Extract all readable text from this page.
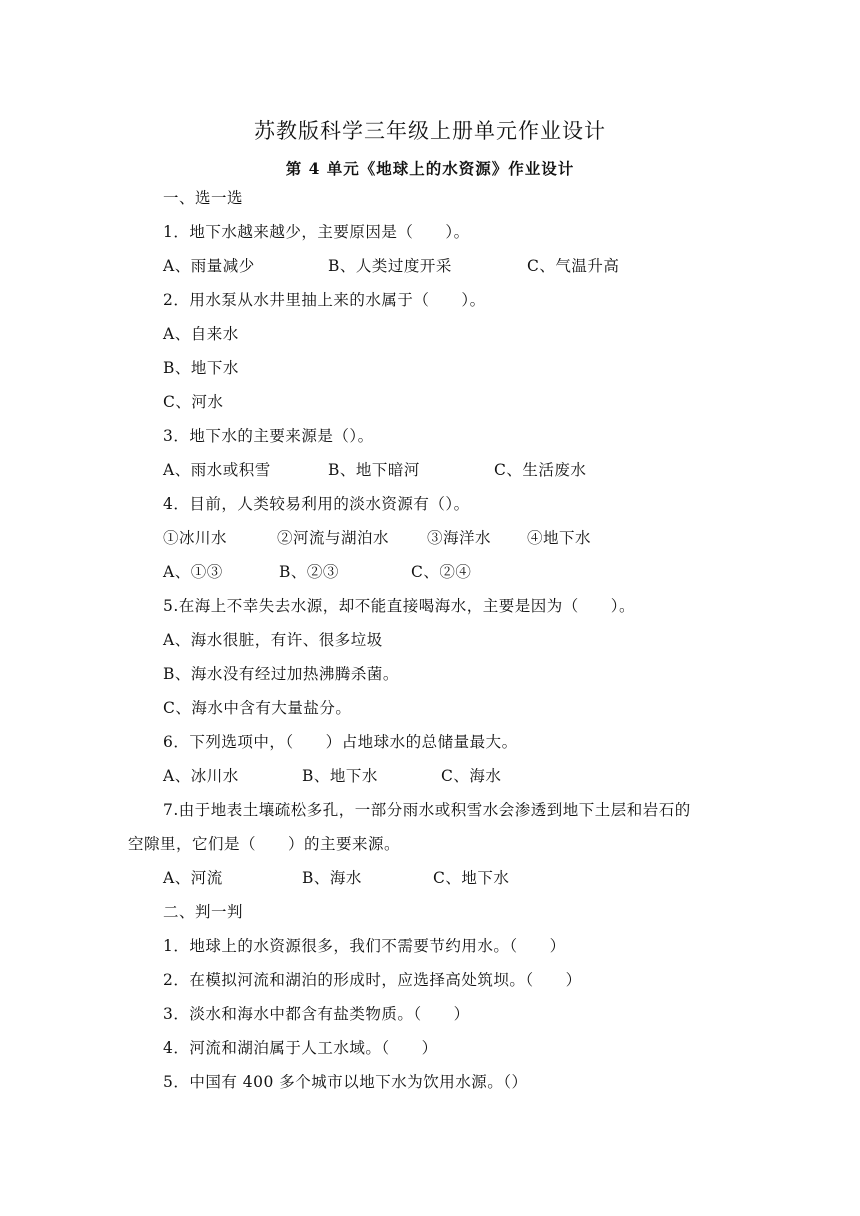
苏教版科学三年级上册单元作业设计
第 4 单元《地球上的水资源》作业设计
一、选一选
1．地下水越来越少，主要原因是（　　）。
A、雨量减少	B、人类过度开采	C、气温升高
2．用水泵从水井里抽上来的水属于（　　）。
A、自来水
B、地下水
C、河水
3．地下水的主要来源是（）。
A、雨水或积雪	B、地下暗河	C、生活废水
4．目前，人类较易利用的淡水资源有（）。
①冰川水	②河流与湖泊水 ③海洋水 ④地下水
A、①③	B、②③	C、②④
5.在海上不幸失去水源，却不能直接喝海水，主要是因为（　　）。
A、海水很脏，有许、很多垃圾
B、海水没有经过加热沸腾杀菌。
C、海水中含有大量盐分。
6．下列选项中，（　　）占地球水的总储量最大。
A、冰川水	B、地下水	C、海水
7.由于地表土壤疏松多孔，一部分雨水或积雪水会渗透到地下土层和岩石的
空隙里，它们是（　　）的主要来源。
A、河流	B、海水	C、地下水
二、判一判
1．地球上的水资源很多，我们不需要节约用水。（　　）
2．在模拟河流和湖泊的形成时，应选择高处筑坝。（　　）
3．淡水和海水中都含有盐类物质。（　　）
4．河流和湖泊属于人工水域。（　　）
5．中国有 400 多个城市以地下水为饮用水源。（）
